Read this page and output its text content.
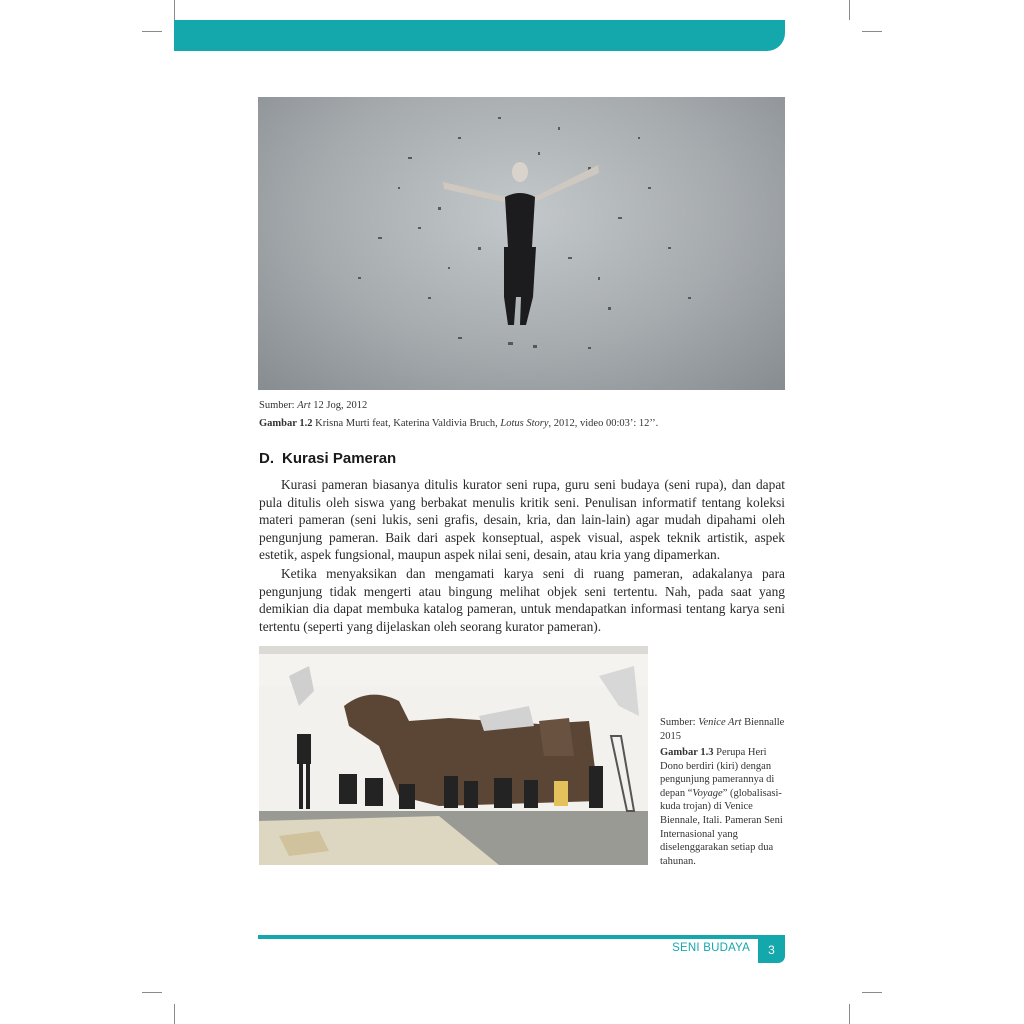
Sumber: Art 12 Jog, 2012
Gambar 1.2 Krisna Murti feat, Katerina Valdivia Bruch, Lotus Story, 2012, video 00:03’: 12’’.
D. Kurasi Pameran

Kurasi pameran biasanya ditulis kurator seni rupa, guru seni budaya (seni rupa), dan dapat pula ditulis oleh siswa yang berbakat menulis kritik seni. Penulisan informatif tentang koleksi materi pameran (seni lukis, seni grafis, desain, kria, dan lain-lain) agar mudah dipahami oleh pengunjung pameran. Baik dari aspek konseptual, aspek visual, aspek teknik artistik, aspek estetik, aspek fungsional, maupun aspek nilai seni, desain, atau kria yang dipamerkan.

Ketika menyaksikan dan mengamati karya seni di ruang pameran, adakalanya para pengunjung tidak mengerti atau bingung melihat objek seni tertentu. Nah, pada saat yang demikian dia dapat membuka katalog pameran, untuk mendapatkan informasi tentang karya seni tertentu (seperti yang dijelaskan oleh seorang kurator pameran).

Sumber: Venice Art Biennalle 2015
Gambar 1.3 Perupa Heri Dono berdiri (kiri) dengan pengunjung pamerannya di depan “Voyage” (globalisasi-kuda trojan) di Venice Biennale, Itali. Pameran Seni Internasional yang diselenggarakan setiap dua tahunan.
SENI BUDAYA	3
